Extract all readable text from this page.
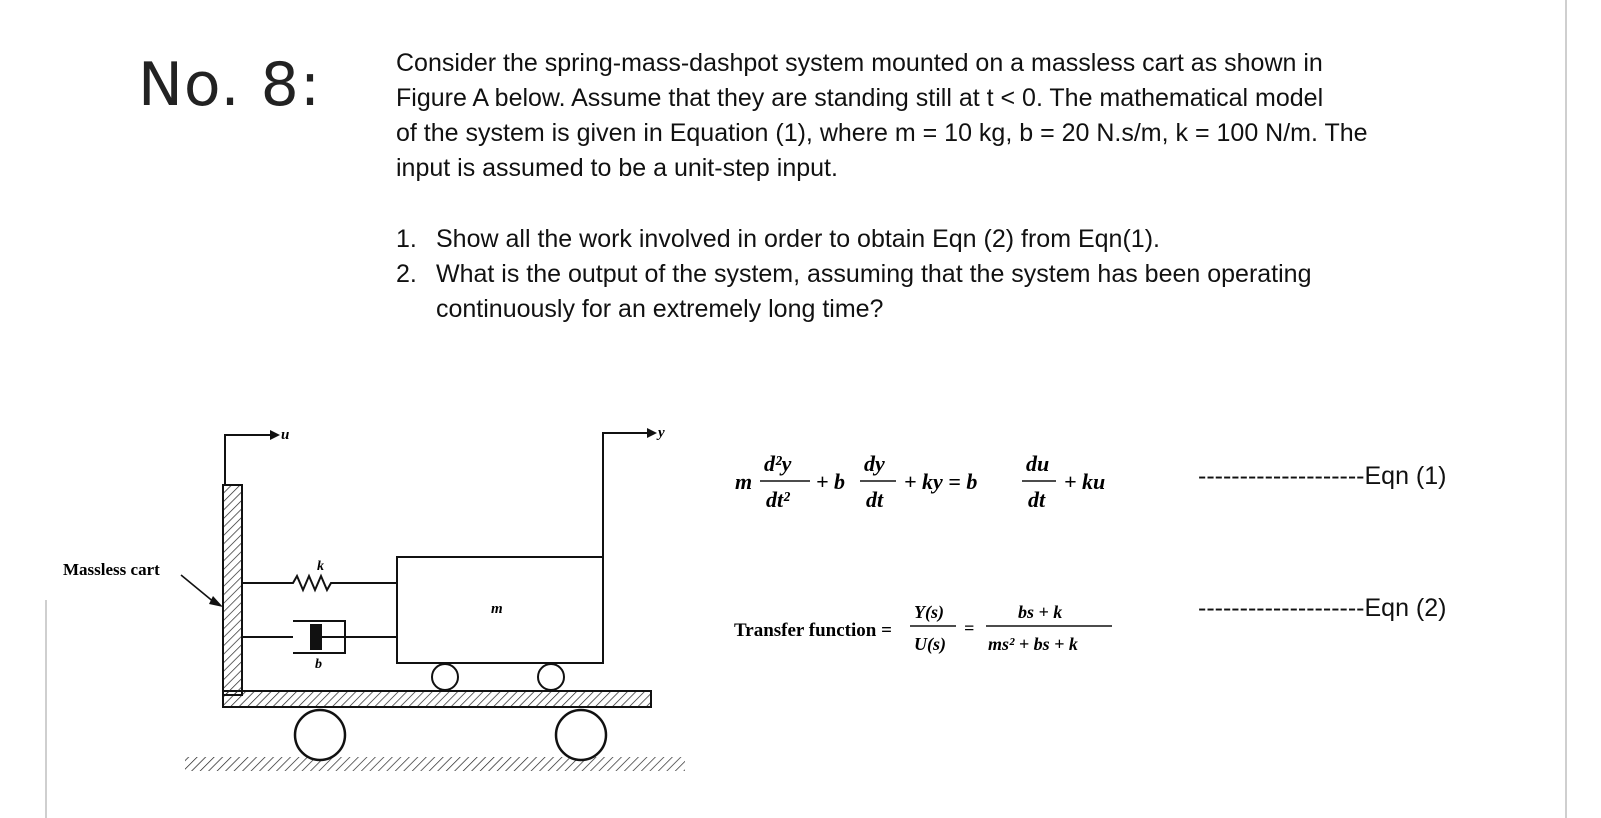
No. 8:	Consider the spring-mass-dashpot system mounted on a massless cart as shown in
Figure A below. Assume that they are standing still at t < 0. The mathematical model
of the system is given in Equation (1), where m = 10 kg, b = 20 N.s/m, k = 100 N/m. The
input is assumed to be a unit-step input.
1. Show all the work involved in order to obtain Eqn (2) from Eqn(1).
2. What is the output of the system, assuming that the system has been operating continuously for an extremely long time?
u
m
y
k
b
Massless cart
m
d²y
dt²
+ b
dy
dt
+ ky = b
du
dt
+ ku	--------------------Eqn (1)
Transfer function =
Y(s)
U(s)
=
bs + k
ms² + bs + k
--------------------Eqn (2)
